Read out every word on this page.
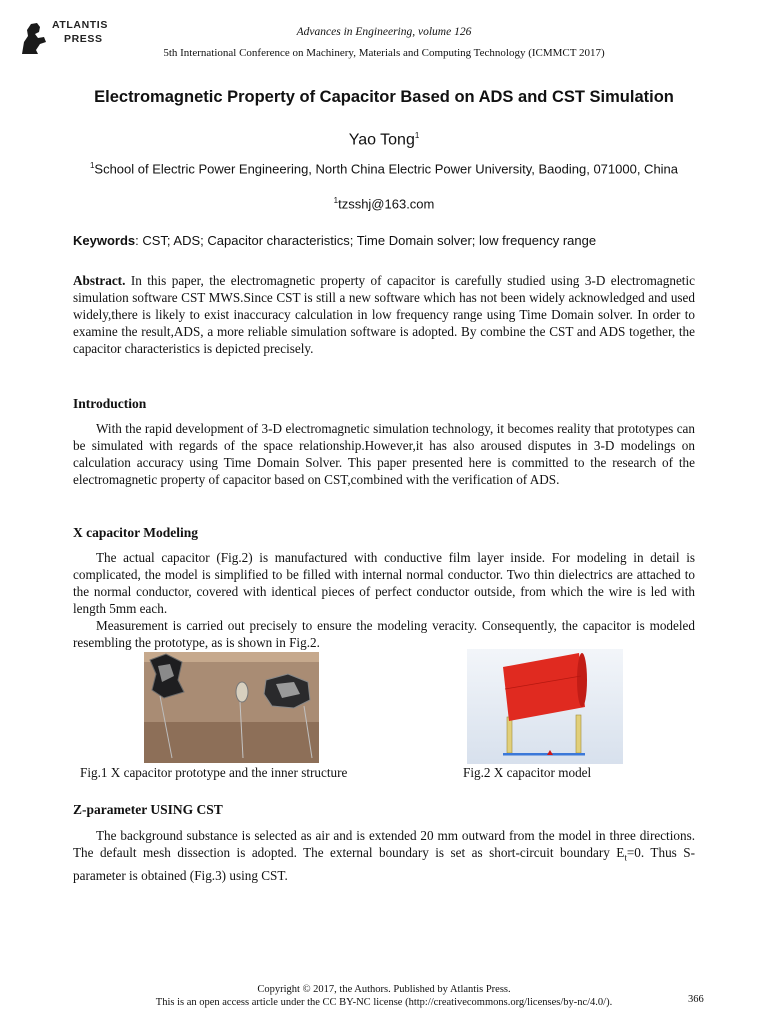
ATLANTIS
PRESS
Advances in Engineering, volume 126
5th International Conference on Machinery, Materials and Computing Technology (ICMMCT 2017)
Electromagnetic Property of Capacitor Based on ADS and CST Simulation
Yao Tong$^1$
$^1$School of Electric Power Engineering, North China Electric Power University, Baoding, 071000, China
$^1$tzsshj@163.com
Keywords: CST; ADS; Capacitor characteristics; Time Domain solver; low frequency range
Abstract. In this paper, the electromagnetic property of capacitor is carefully studied using 3-D electromagnetic simulation software CST MWS.Since CST is still a new software which has not been widely acknowledged and used widely,there is likely to exist inaccuracy calculation in low frequency range using Time Domain solver. In order to examine the result,ADS, a more reliable simulation software is adopted. By combine the CST and ADS together, the capacitor characteristics is depicted precisely.
Introduction
With the rapid development of 3-D electromagnetic simulation technology, it becomes reality that prototypes can be simulated with regards of the space relationship.However,it has also aroused disputes in 3-D modelings on calculation accuracy using Time Domain Solver. This paper presented here is committed to the research of the electromagnetic property of capacitor based on CST,combined with the verification of ADS.
X capacitor Modeling
The actual capacitor (Fig.2) is manufactured with conductive film layer inside. For modeling in detail is complicated, the model is simplified to be filled with internal normal conductor. Two thin dielectrics are attached to the normal conductor, covered with identical pieces of perfect conductor outside, from which the wire is led with length 5mm each.
Measurement is carried out precisely to ensure the modeling veracity. Consequently, the capacitor is modeled resembling the prototype, as is shown in Fig.2.
Fig.1 X capacitor prototype and the inner structure	Fig.2 X capacitor model
Z-parameter USING CST
The background substance is selected as air and is extended 20 mm outward from the model in three directions. The default mesh dissection is adopted. The external boundary is set as short-circuit boundary $E_t=0$. Thus S-parameter is obtained (Fig.3) using CST.
Copyright © 2017, the Authors. Published by Atlantis Press.
This is an open access article under the CC BY-NC license (http://creativecommons.org/licenses/by-nc/4.0/).	366
